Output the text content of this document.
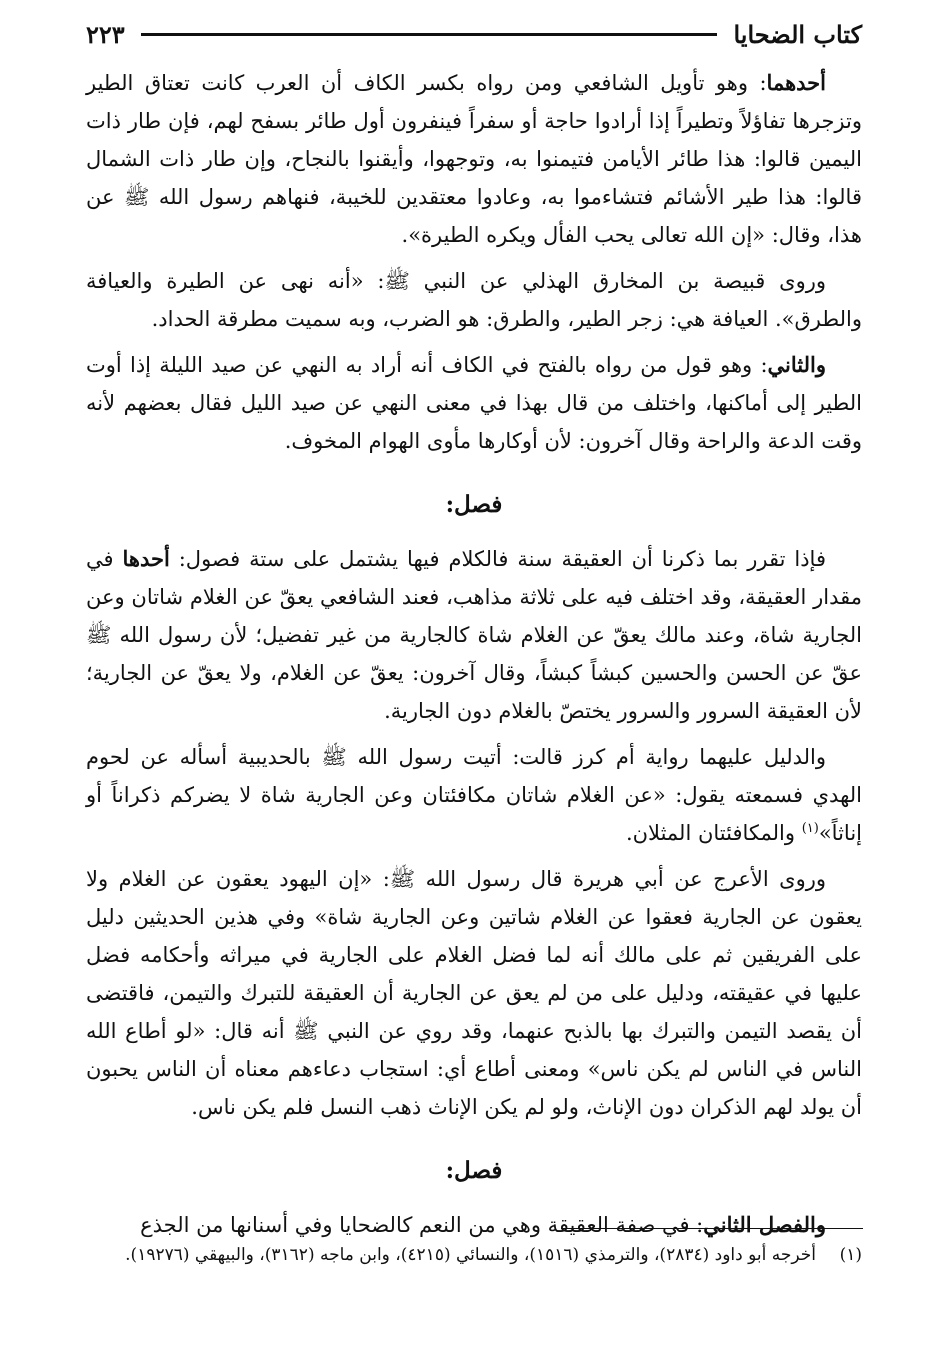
كتاب الضحايا
٢٢٣

أحدهما: وهو تأويل الشافعي ومن رواه بكسر الكاف أن العرب كانت تعتاق الطير وتزجرها تفاؤلاً وتطيراً إذا أرادوا حاجة أو سفراً فينفرون أول طائر بسفح لهم، فإن طار ذات اليمين قالوا: هذا طائر الأيامن فتيمنوا به، وتوجهوا، وأيقنوا بالنجاح، وإن طار ذات الشمال قالوا: هذا طير الأشائم فتشاءموا به، وعادوا معتقدين للخيبة، فنهاهم رسول الله ﷺ عن هذا، وقال: «إن الله تعالى يحب الفأل ويكره الطيرة».

وروى قبيصة بن المخارق الهذلي عن النبي ﷺ: «أنه نهى عن الطيرة والعيافة والطرق». العيافة هي: زجر الطير، والطرق: هو الضرب، وبه سميت مطرقة الحداد.

والثاني: وهو قول من رواه بالفتح في الكاف أنه أراد به النهي عن صيد الليلة إذا أوت الطير إلى أماكنها، واختلف من قال بهذا في معنى النهي عن صيد الليل فقال بعضهم لأنه وقت الدعة والراحة وقال آخرون: لأن أوكارها مأوى الهوام المخوف.

فصل:

فإذا تقرر بما ذكرنا أن العقيقة سنة فالكلام فيها يشتمل على ستة فصول: أحدها في مقدار العقيقة، وقد اختلف فيه على ثلاثة مذاهب، فعند الشافعي يعقّ عن الغلام شاتان وعن الجارية شاة، وعند مالك يعقّ عن الغلام شاة كالجارية من غير تفضيل؛ لأن رسول الله ﷺ عقّ عن الحسن والحسين كبشاً كبشاً، وقال آخرون: يعقّ عن الغلام، ولا يعقّ عن الجارية؛ لأن العقيقة السرور والسرور يختصّ بالغلام دون الجارية.

والدليل عليهما رواية أم كرز قالت: أتيت رسول الله ﷺ بالحديبية أسأله عن لحوم الهدي فسمعته يقول: «عن الغلام شاتان مكافئتان وعن الجارية شاة لا يضركم ذكراناً أو إناثاً»$^{(١)}$ والمكافئتان المثلان.

وروى الأعرج عن أبي هريرة قال رسول الله ﷺ: «إن اليهود يعقون عن الغلام ولا يعقون عن الجارية فعقوا عن الغلام شاتين وعن الجارية شاة» وفي هذين الحديثين دليل على الفريقين ثم على مالك أنه لما فضل الغلام على الجارية في ميراثه وأحكامه فضل عليها في عقيقته، ودليل على من لم يعق عن الجارية أن العقيقة للتبرك والتيمن، فاقتضى أن يقصد التيمن والتبرك بها بالذبح عنهما، وقد روي عن النبي ﷺ أنه قال: «لو أطاع الله الناس في الناس لم يكن ناس» ومعنى أطاع أي: استجاب دعاءهم معناه أن الناس يحبون أن يولد لهم الذكران دون الإناث، ولو لم يكن الإناث ذهب النسل فلم يكن ناس.

فصل:

والفصل الثاني: في صفة العقيقة وهي من النعم كالضحايا وفي أسنانها من الجذع

(١)
أخرجه أبو داود (٢٨٣٤)، والترمذي (١٥١٦)، والنسائي (٤٢١٥)، وابن ماجه (٣١٦٢)، والبيهقي (١٩٢٧٦).
